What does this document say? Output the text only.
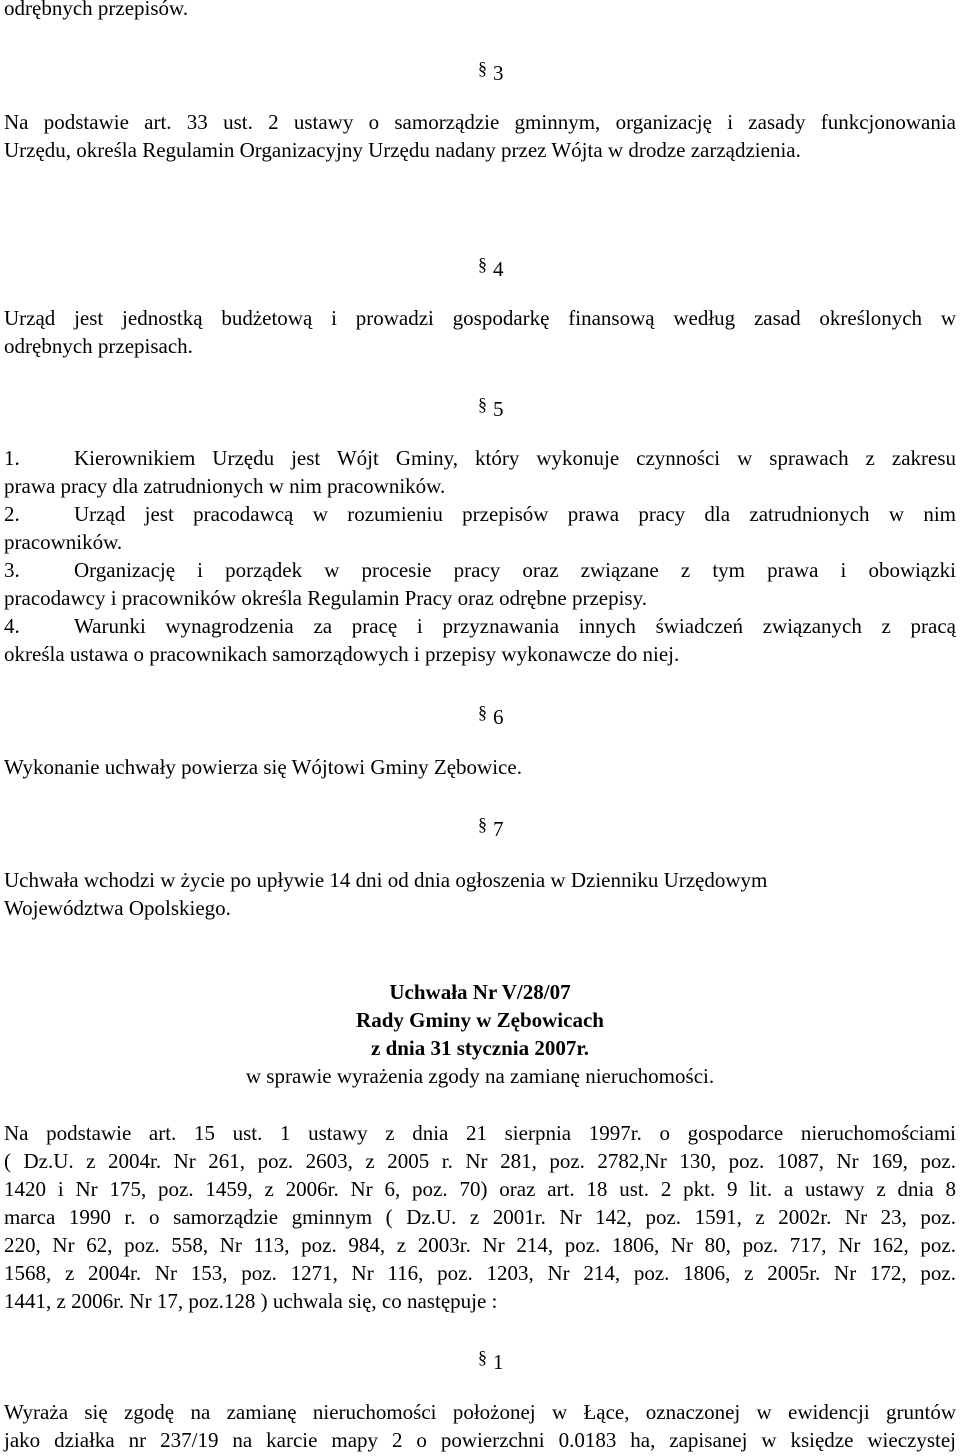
odrębnych przepisów.
§ 3
Na podstawie art. 33 ust. 2 ustawy o samorządzie gminnym, organizację i zasady funkcjonowania
Urzędu, określa Regulamin Organizacyjny Urzędu nadany przez Wójta w drodze zarządzienia.
§ 4
Urząd jest jednostką budżetową i prowadzi gospodarkę finansową według zasad określonych w
odrębnych przepisach.
§ 5
1.	Kierownikiem Urzędu jest Wójt Gminy, który wykonuje czynności w sprawach z zakresu
prawa pracy dla zatrudnionych w nim pracowników.
2.	Urząd jest pracodawcą w rozumieniu przepisów prawa pracy dla zatrudnionych w nim
pracowników.
3.	Organizację i porządek w procesie pracy oraz związane z tym prawa i obowiązki
pracodawcy i pracowników określa Regulamin Pracy oraz odrębne przepisy.
4.	Warunki wynagrodzenia za pracę i przyznawania innych świadczeń związanych z pracą
określa ustawa o pracownikach samorządowych i przepisy wykonawcze do niej.
§ 6
Wykonanie uchwały powierza się Wójtowi Gminy Zębowice.
§ 7
Uchwała wchodzi w życie po upływie 14 dni od dnia ogłoszenia w Dzienniku Urzędowym
Województwa Opolskiego.
Uchwała Nr V/28/07
Rady Gminy w Zębowicach
z dnia 31 stycznia 2007r.
w sprawie wyrażenia zgody na zamianę nieruchomości.
Na podstawie art. 15 ust. 1 ustawy z dnia 21 sierpnia 1997r. o gospodarce nieruchomościami
( Dz.U. z 2004r. Nr 261, poz. 2603, z 2005 r. Nr 281, poz. 2782,Nr 130, poz. 1087, Nr 169, poz.
1420 i Nr 175, poz. 1459, z 2006r. Nr 6, poz. 70) oraz art. 18 ust. 2 pkt. 9 lit. a ustawy z dnia 8
marca 1990 r. o samorządzie gminnym ( Dz.U. z 2001r. Nr 142, poz. 1591, z 2002r. Nr 23, poz.
220, Nr 62, poz. 558, Nr 113, poz. 984, z 2003r. Nr 214, poz. 1806, Nr 80, poz. 717, Nr 162, poz.
1568, z 2004r. Nr 153, poz. 1271, Nr 116, poz. 1203, Nr 214, poz. 1806, z 2005r. Nr 172, poz.
1441, z 2006r. Nr 17, poz.128 ) uchwala się, co następuje :
§ 1
Wyraża się zgodę na zamianę nieruchomości położonej w Łące, oznaczonej w ewidencji gruntów
jako działka nr 237/19 na karcie mapy 2 o powierzchni 0.0183 ha, zapisanej w księdze wieczystej
